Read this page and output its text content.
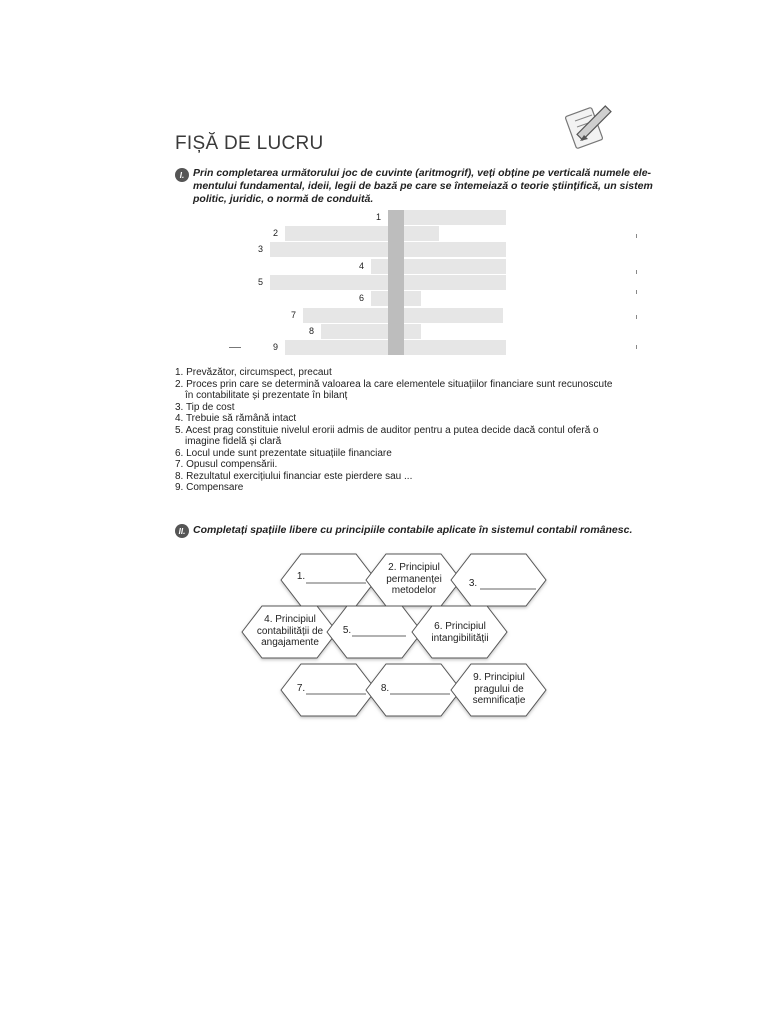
FIȘĂ DE LUCRU
I. Prin completarea următorului joc de cuvinte (aritmogrif), veți obține pe verticală numele ele-
mentului fundamental, ideii, legii de bază pe care se întemeiază o teorie științifică, un sistem
politic, juridic, o normă de conduită.
1
2
3
4
5
6
7
8
9
1. Prevăzător, circumspect, precaut
2. Proces prin care se determină valoarea la care elementele situațiilor financiare sunt recunoscute
în contabilitate și prezentate în bilanț
3. Tip de cost
4. Trebuie să rămână intact
5. Acest prag constituie nivelul erorii admis de auditor pentru a putea decide dacă contul oferă o
imagine fidelă și clară
6. Locul unde sunt prezentate situațiile financiare
7. Opusul compensării.
8. Rezultatul exercițiului financiar este pierdere sau ...
9. Compensare
II. Completați spațiile libere cu principiile contabile aplicate în sistemul contabil românesc.
1.
2. Principiul
permanenței
metodelor
3.
4. Principiul
contabilității de
angajamente
5.	6. Principiul
intangibilității
7.	8.
9. Principiul
pragului de
semnificație
